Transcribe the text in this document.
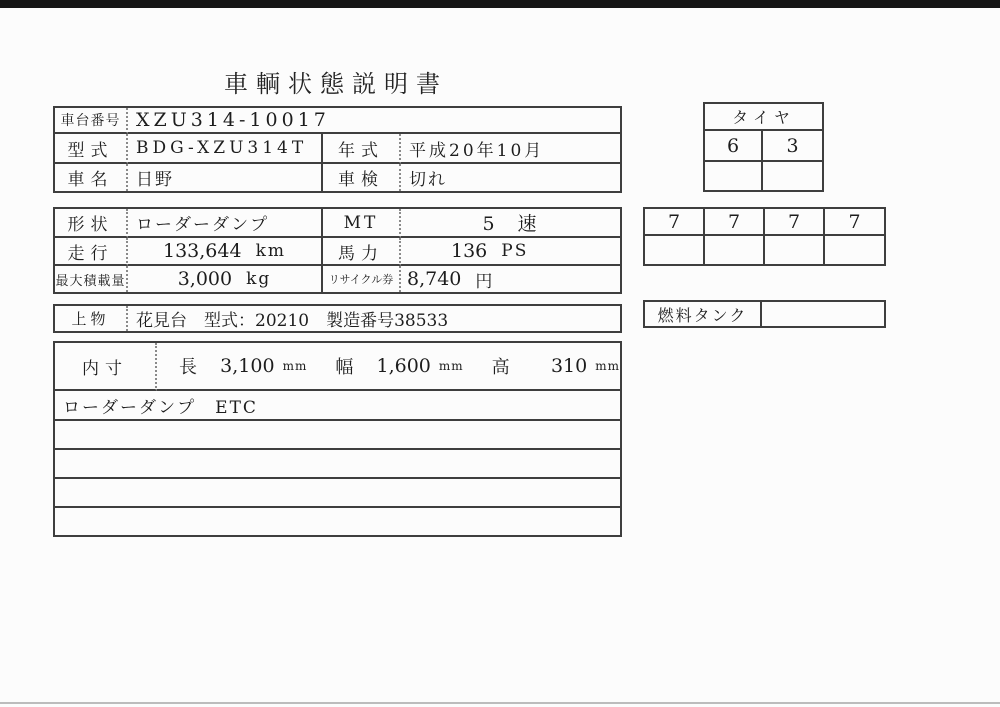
車輌状態説明書
車台番号	XZU314-10017		
型式	BDG-XZU314T	年式	平成20年10月
車名	日野	車検	切れ
形状	ローダーダンプ	MT	5　速
走行	133,644 km	馬力	136 PS

最大積載量	3,000 kg	リサイクル券	8,740 円
上物	花見台　型式：20210　製造番号38533
内寸	長	3,100 mm 幅	1,600 mm 高	310 mm

ローダーダンプ　ETC

タイヤ	
6	3

7	7	7	7

燃料タンク	
